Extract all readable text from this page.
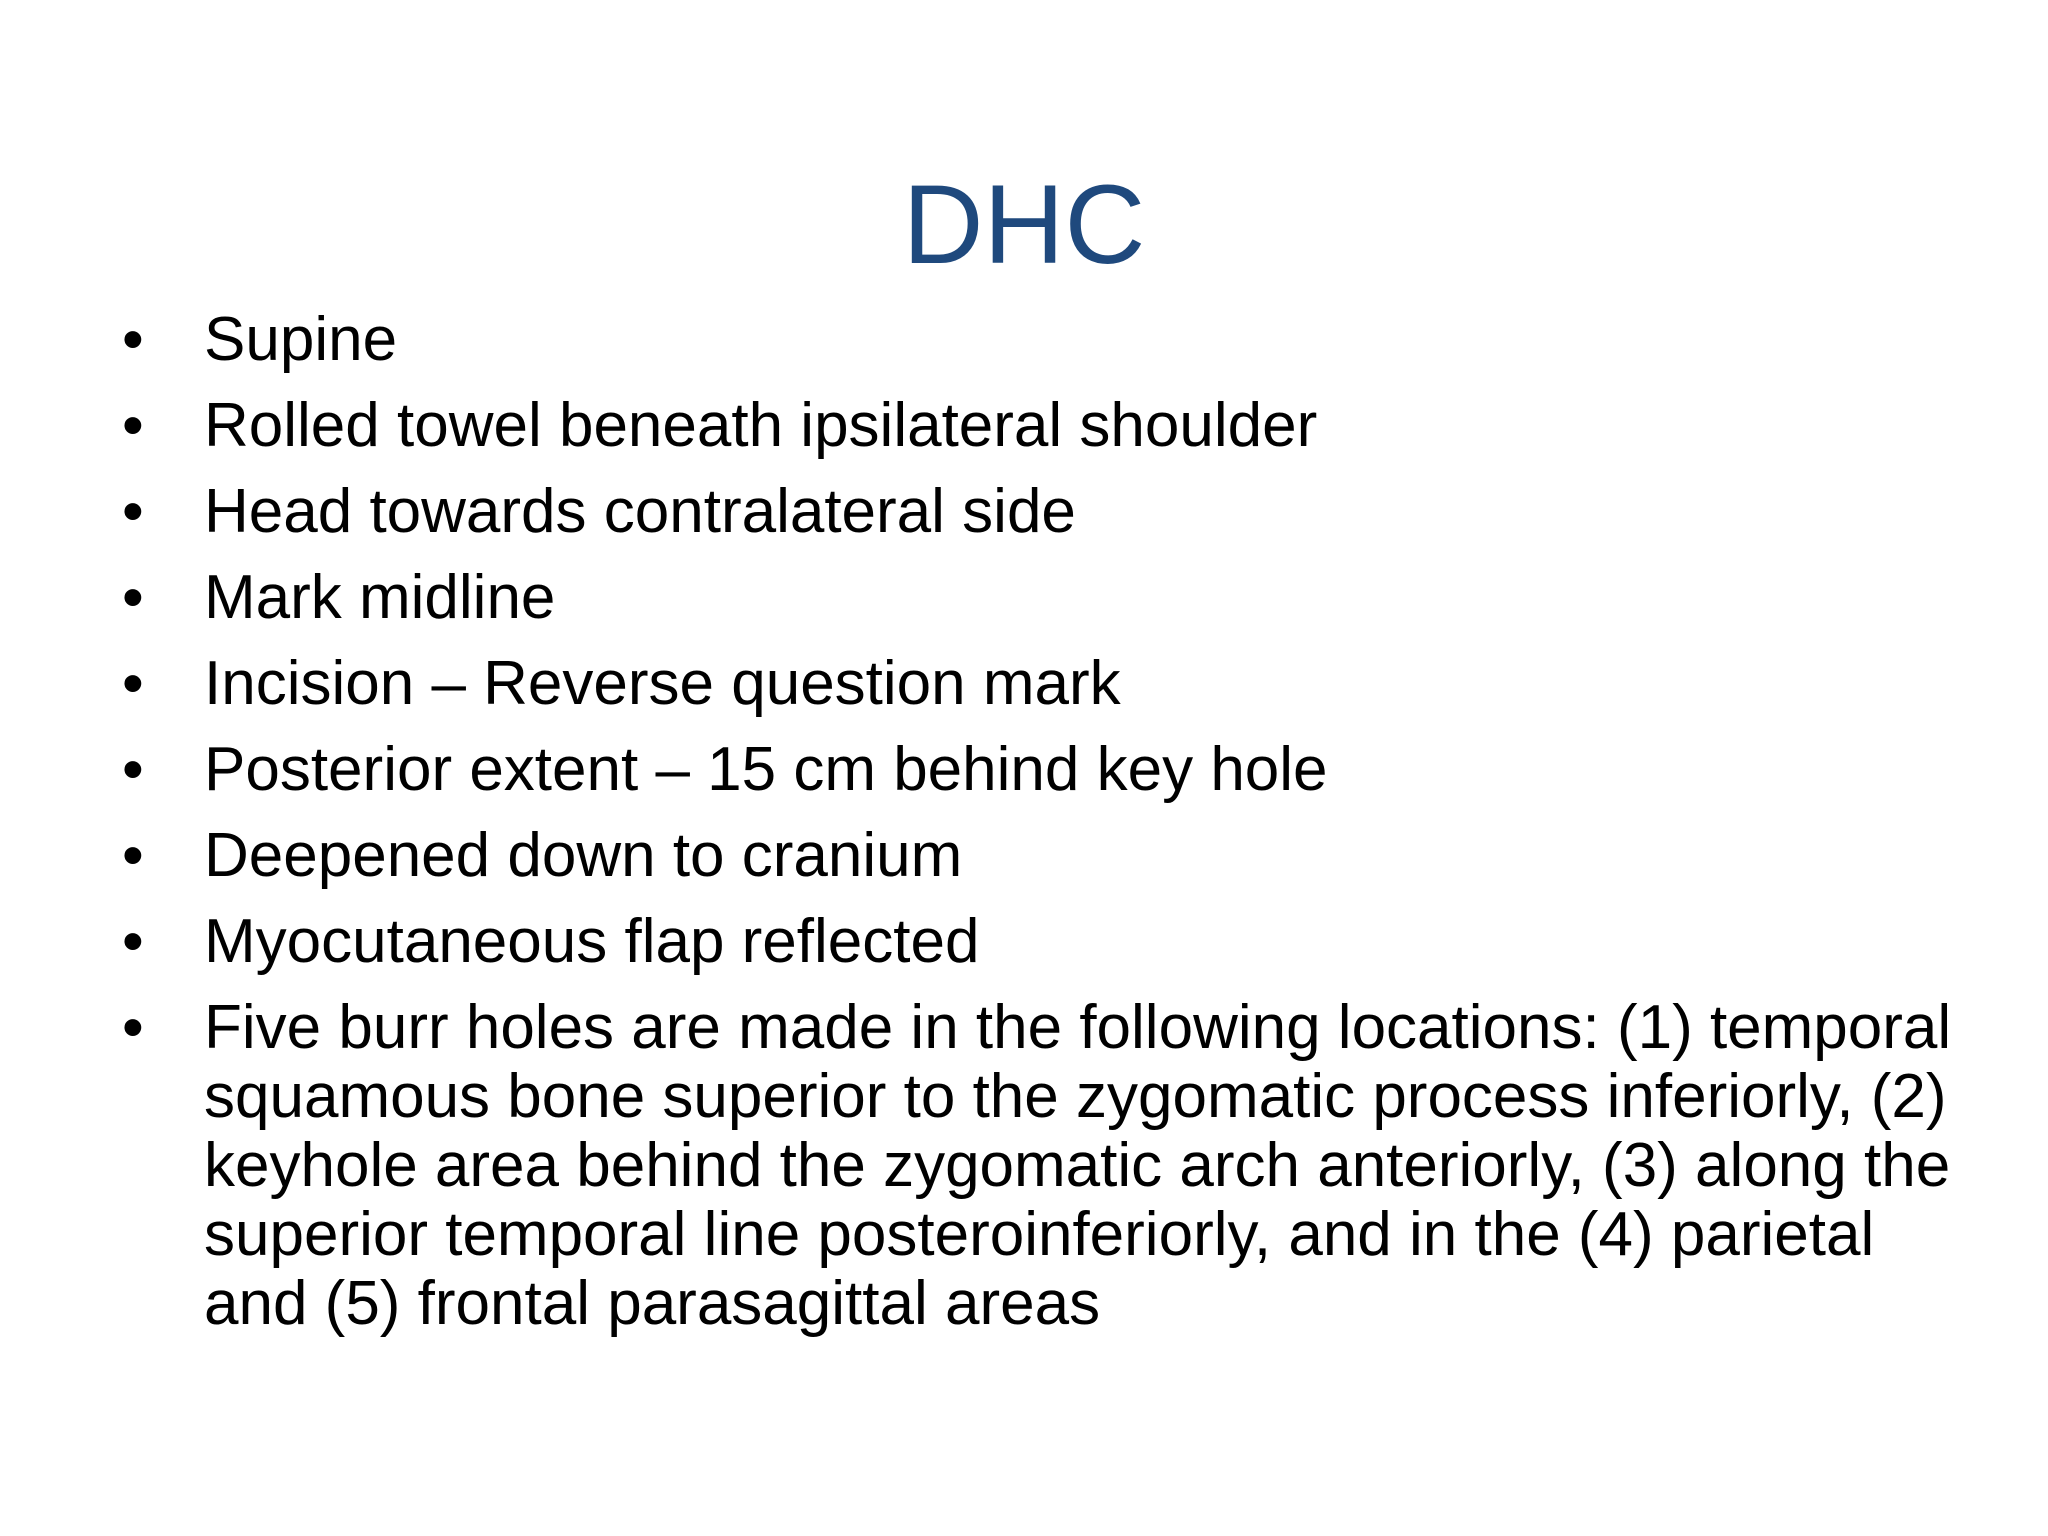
DHC
• Supine
• Rolled towel beneath ipsilateral shoulder
• Head towards contralateral side
• Mark midline
• Incision – Reverse question mark
• Posterior extent – 15 cm behind key hole
• Deepened down to cranium
• Myocutaneous flap reflected
• Five burr holes are made in the following locations: (1) temporal squamous bone superior to the zygomatic process inferiorly, (2) keyhole area behind the zygomatic arch anteriorly, (3) along the superior temporal line posteroinferiorly, and in the (4) parietal and (5) frontal parasagittal areas
